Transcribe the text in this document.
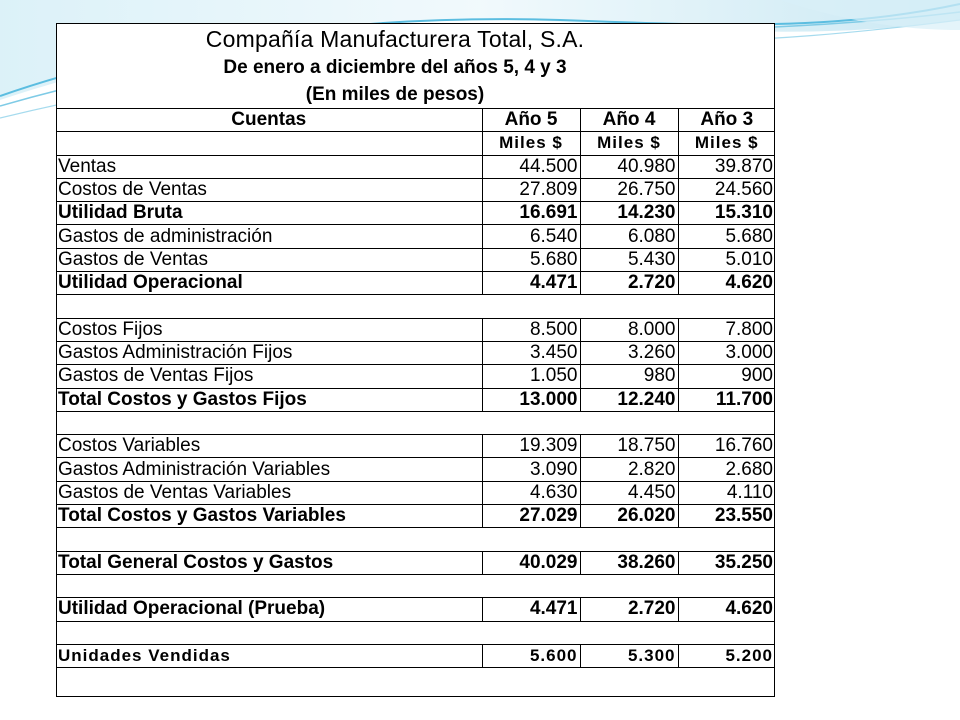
Compañía Manufacturera Total, S.A.
De enero a diciembre del años 5, 4 y 3
(En miles de pesos)
Cuentas	Año 5	Año 4	Año 3
	Miles $	Miles $	Miles $
Ventas	44.500	40.980	39.870
Costos de Ventas	27.809	26.750	24.560
Utilidad Bruta	16.691	14.230	15.310
Gastos de administración	6.540	6.080	5.680
Gastos de Ventas	5.680	5.430	5.010
Utilidad Operacional	4.471	2.720	4.620

Costos Fijos	8.500	8.000	7.800
Gastos Administración Fijos	3.450	3.260	3.000
Gastos de Ventas Fijos	1.050	980	900
Total Costos y Gastos Fijos	13.000	12.240	11.700

Costos Variables	19.309	18.750	16.760
Gastos Administración Variables	3.090	2.820	2.680
Gastos de Ventas Variables	4.630	4.450	4.110
Total Costos y Gastos Variables	27.029	26.020	23.550

Total General Costos y Gastos	40.029	38.260	35.250

Utilidad Operacional (Prueba)	4.471	2.720	4.620

Unidades Vendidas	5.600	5.300	5.200
